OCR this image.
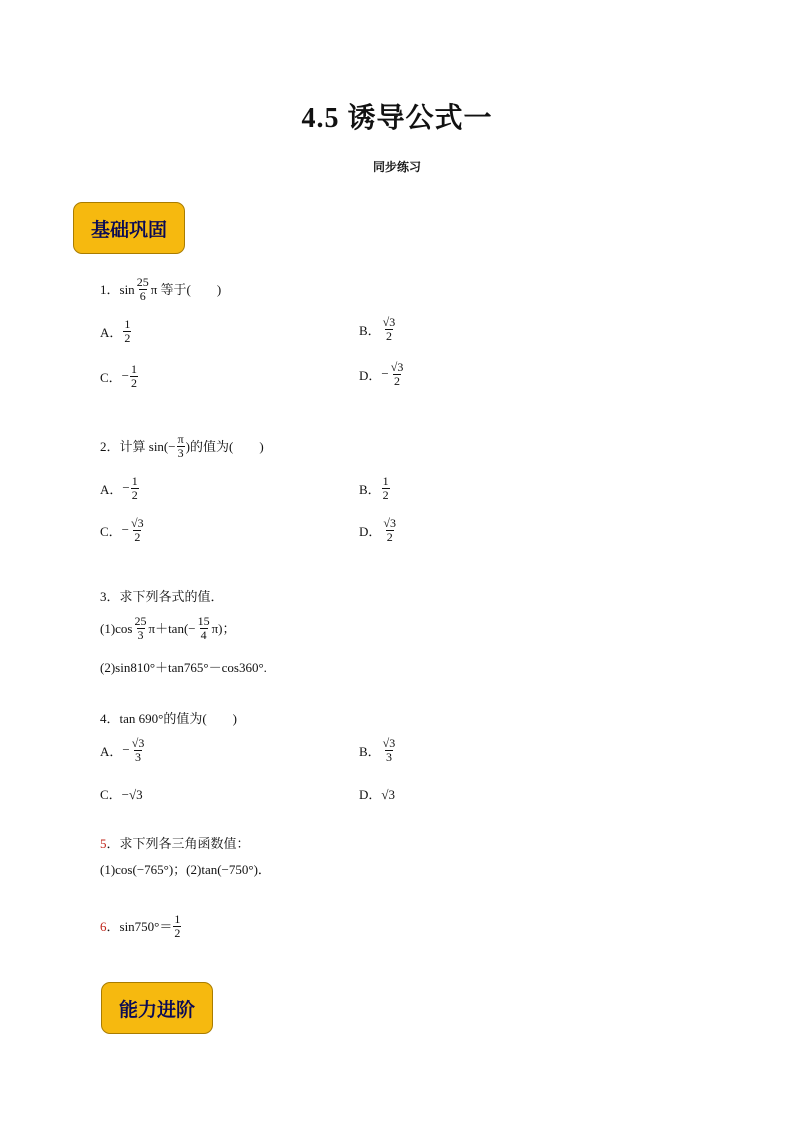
4.5 诱导公式一
同步练习
基础巩固
1． $\sin \frac{25}{6}$ π 等于(　　)
A． $\frac{1}{2}$	B． $\frac{√3}{2}$
C． − $\frac{1}{2}$	D． − $\frac{√3}{2}$
2． 计算 $\sin(- \frac{\pi}{3}$ )的值为(　　)
A． − $\frac{1}{2}$	B． $\frac{1}{2}$
C． − $\frac{√3}{2}$	D． $\frac{√3}{2}$
3．求下列各式的值．
$(1)\cos \frac{25}{3} \pi+\tan(- \frac{15}{4} \pi)$；
(2)sin810°＋tan765°－cos360°.
4．tan 690°的值为(　　)
A． − $\frac{√3}{3}$	B． $\frac{√3}{3}$
C．−√3	D．√3
5．求下列各三角函数值：
(1)cos(−765°)；(2)tan(−750°)．
6 ． $\sin 750^\circ= \frac{1}{2}$
能力进阶
